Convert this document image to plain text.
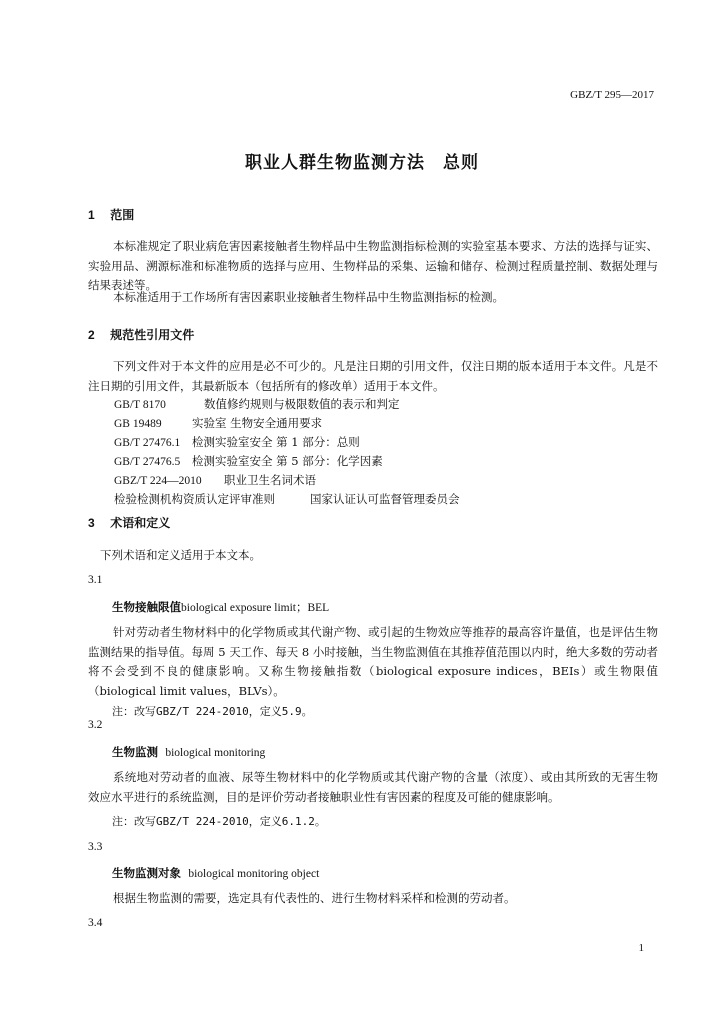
GBZ/T 295—2017
职业人群生物监测方法　总则
1 范围
本标准规定了职业病危害因素接触者生物样品中生物监测指标检测的实验室基本要求、方法的选择与证实、实验用品、溯源标准和标准物质的选择与应用、生物样品的采集、运输和储存、检测过程质量控制、数据处理与结果表述等。
本标准适用于工作场所有害因素职业接触者生物样品中生物监测指标的检测。
2 规范性引用文件
下列文件对于本文件的应用是必不可少的。凡是注日期的引用文件，仅注日期的版本适用于本文件。凡是不注日期的引用文件，其最新版本（包括所有的修改单）适用于本文件。
GB/T 8170	数值修约规则与极限数值的表示和判定
GB 19489	实验室 生物安全通用要求
GB/T 27476.1 检测实验室安全 第 1 部分：总则
GB/T 27476.5 检测实验室安全 第 5 部分：化学因素
GBZ/T 224—2010 职业卫生名词术语
检验检测机构资质认定评审准则	国家认证认可监督管理委员会
3 术语和定义
下列术语和定义适用于本文本。
3.1
生物接触限值biological exposure limit；BEL
针对劳动者生物材料中的化学物质或其代谢产物、或引起的生物效应等推荐的最高容许量值，也是评估生物监测结果的指导值。每周 5 天工作、每天 8 小时接触，当生物监测值在其推荐值范围以内时，绝大多数的劳动者将不会受到不良的健康影响。又称生物接触指数（biological exposure indices，BEIs）或生物限值（biological limit values，BLVs）。
注：改写GBZ/T 224-2010，定义5.9。
3.2
生物监测 biological monitoring
系统地对劳动者的血液、尿等生物材料中的化学物质或其代谢产物的含量（浓度）、或由其所致的无害生物效应水平进行的系统监测，目的是评价劳动者接触职业性有害因素的程度及可能的健康影响。
注：改写GBZ/T 224-2010，定义6.1.2。
3.3
生物监测对象 biological monitoring object
根据生物监测的需要，选定具有代表性的、进行生物材料采样和检测的劳动者。
3.4
1
